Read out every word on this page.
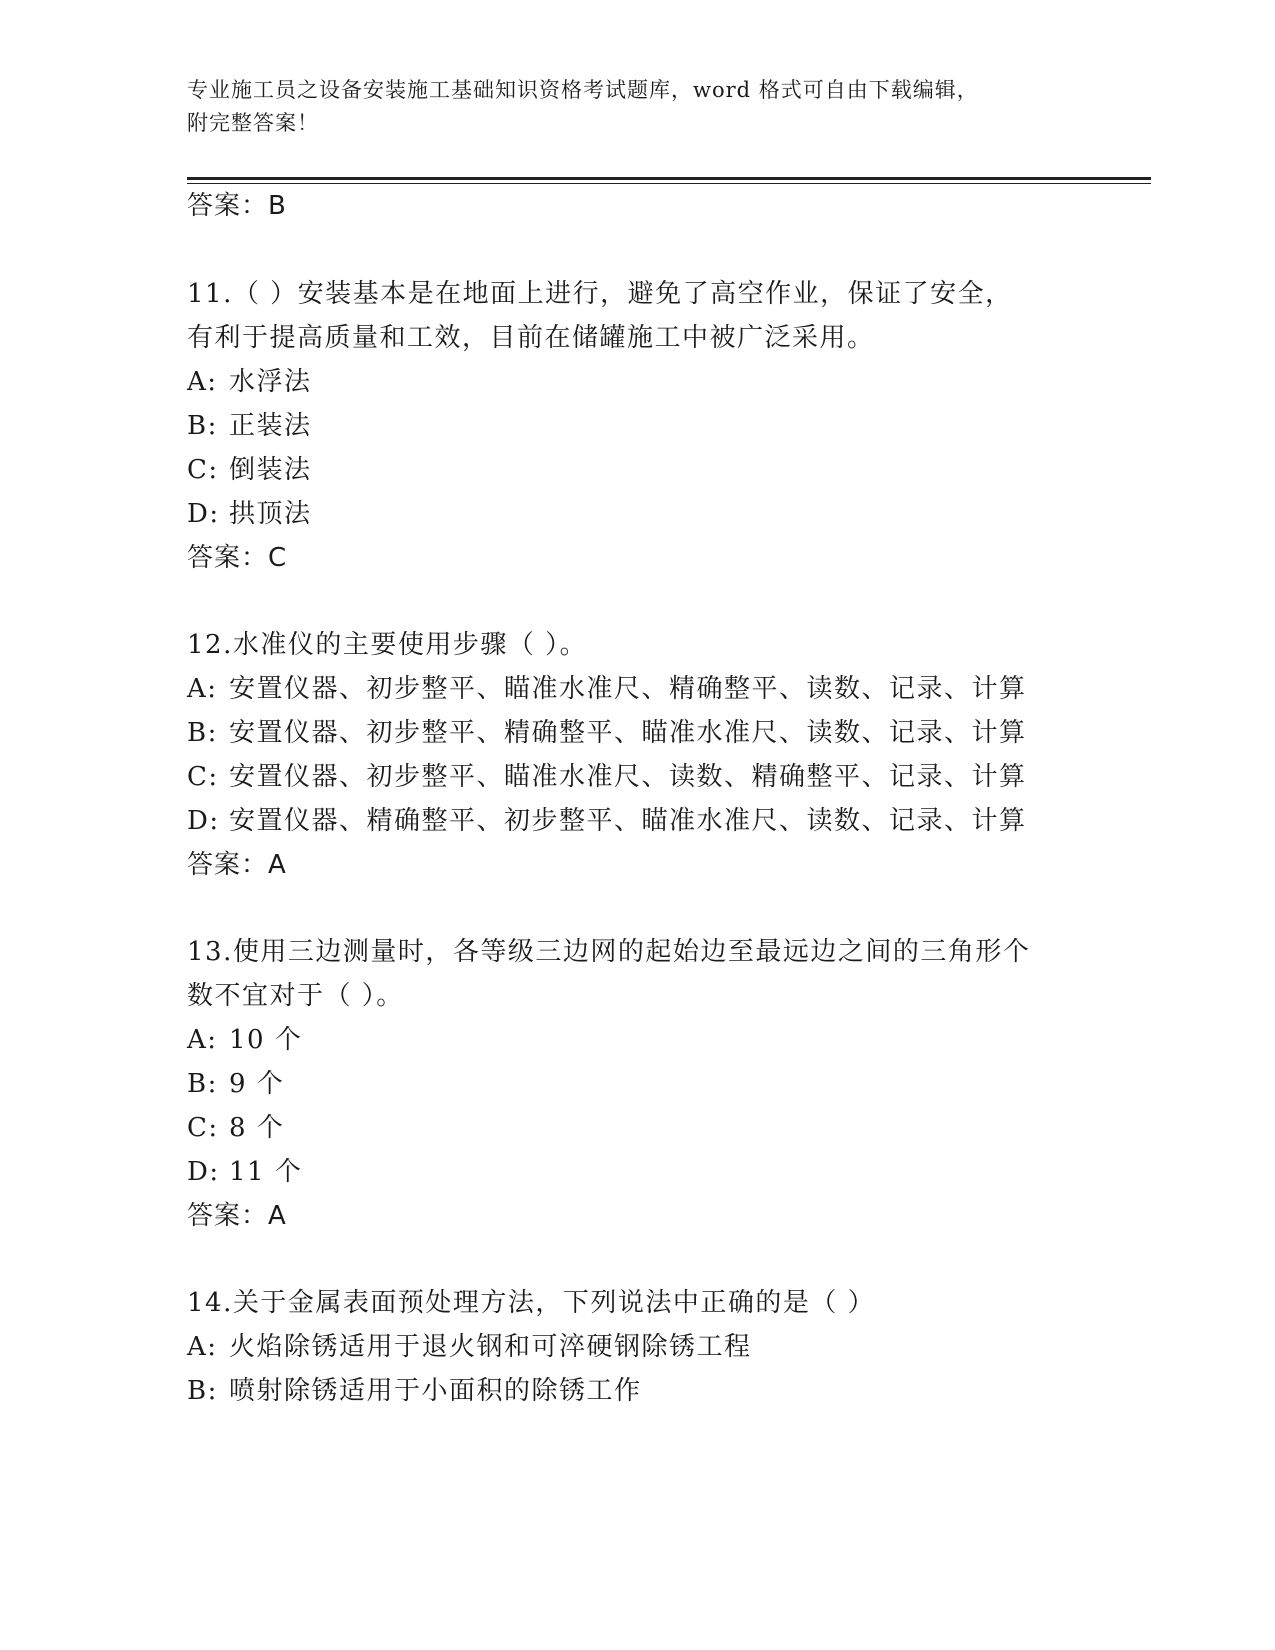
专业施工员之设备安装施工基础知识资格考试题库，word 格式可自由下载编辑，
附完整答案！
答案：B
11.（ ）安装基本是在地面上进行，避免了高空作业，保证了安全，
有利于提高质量和工效，目前在储罐施工中被广泛采用。
A: 水浮法
B: 正装法
C: 倒装法
D: 拱顶法
答案：C
12.水准仪的主要使用步骤（ ）。
A: 安置仪器、初步整平、瞄准水准尺、精确整平、读数、记录、计算
B: 安置仪器、初步整平、精确整平、瞄准水准尺、读数、记录、计算
C: 安置仪器、初步整平、瞄准水准尺、读数、精确整平、记录、计算
D: 安置仪器、精确整平、初步整平、瞄准水准尺、读数、记录、计算
答案：A
13.使用三边测量时，各等级三边网的起始边至最远边之间的三角形个
数不宜对于（ ）。
A: 10 个
B: 9 个
C: 8 个
D: 11 个
答案：A
14.关于金属表面预处理方法，下列说法中正确的是（ ）
A: 火焰除锈适用于退火钢和可淬硬钢除锈工程
B: 喷射除锈适用于小面积的除锈工作
